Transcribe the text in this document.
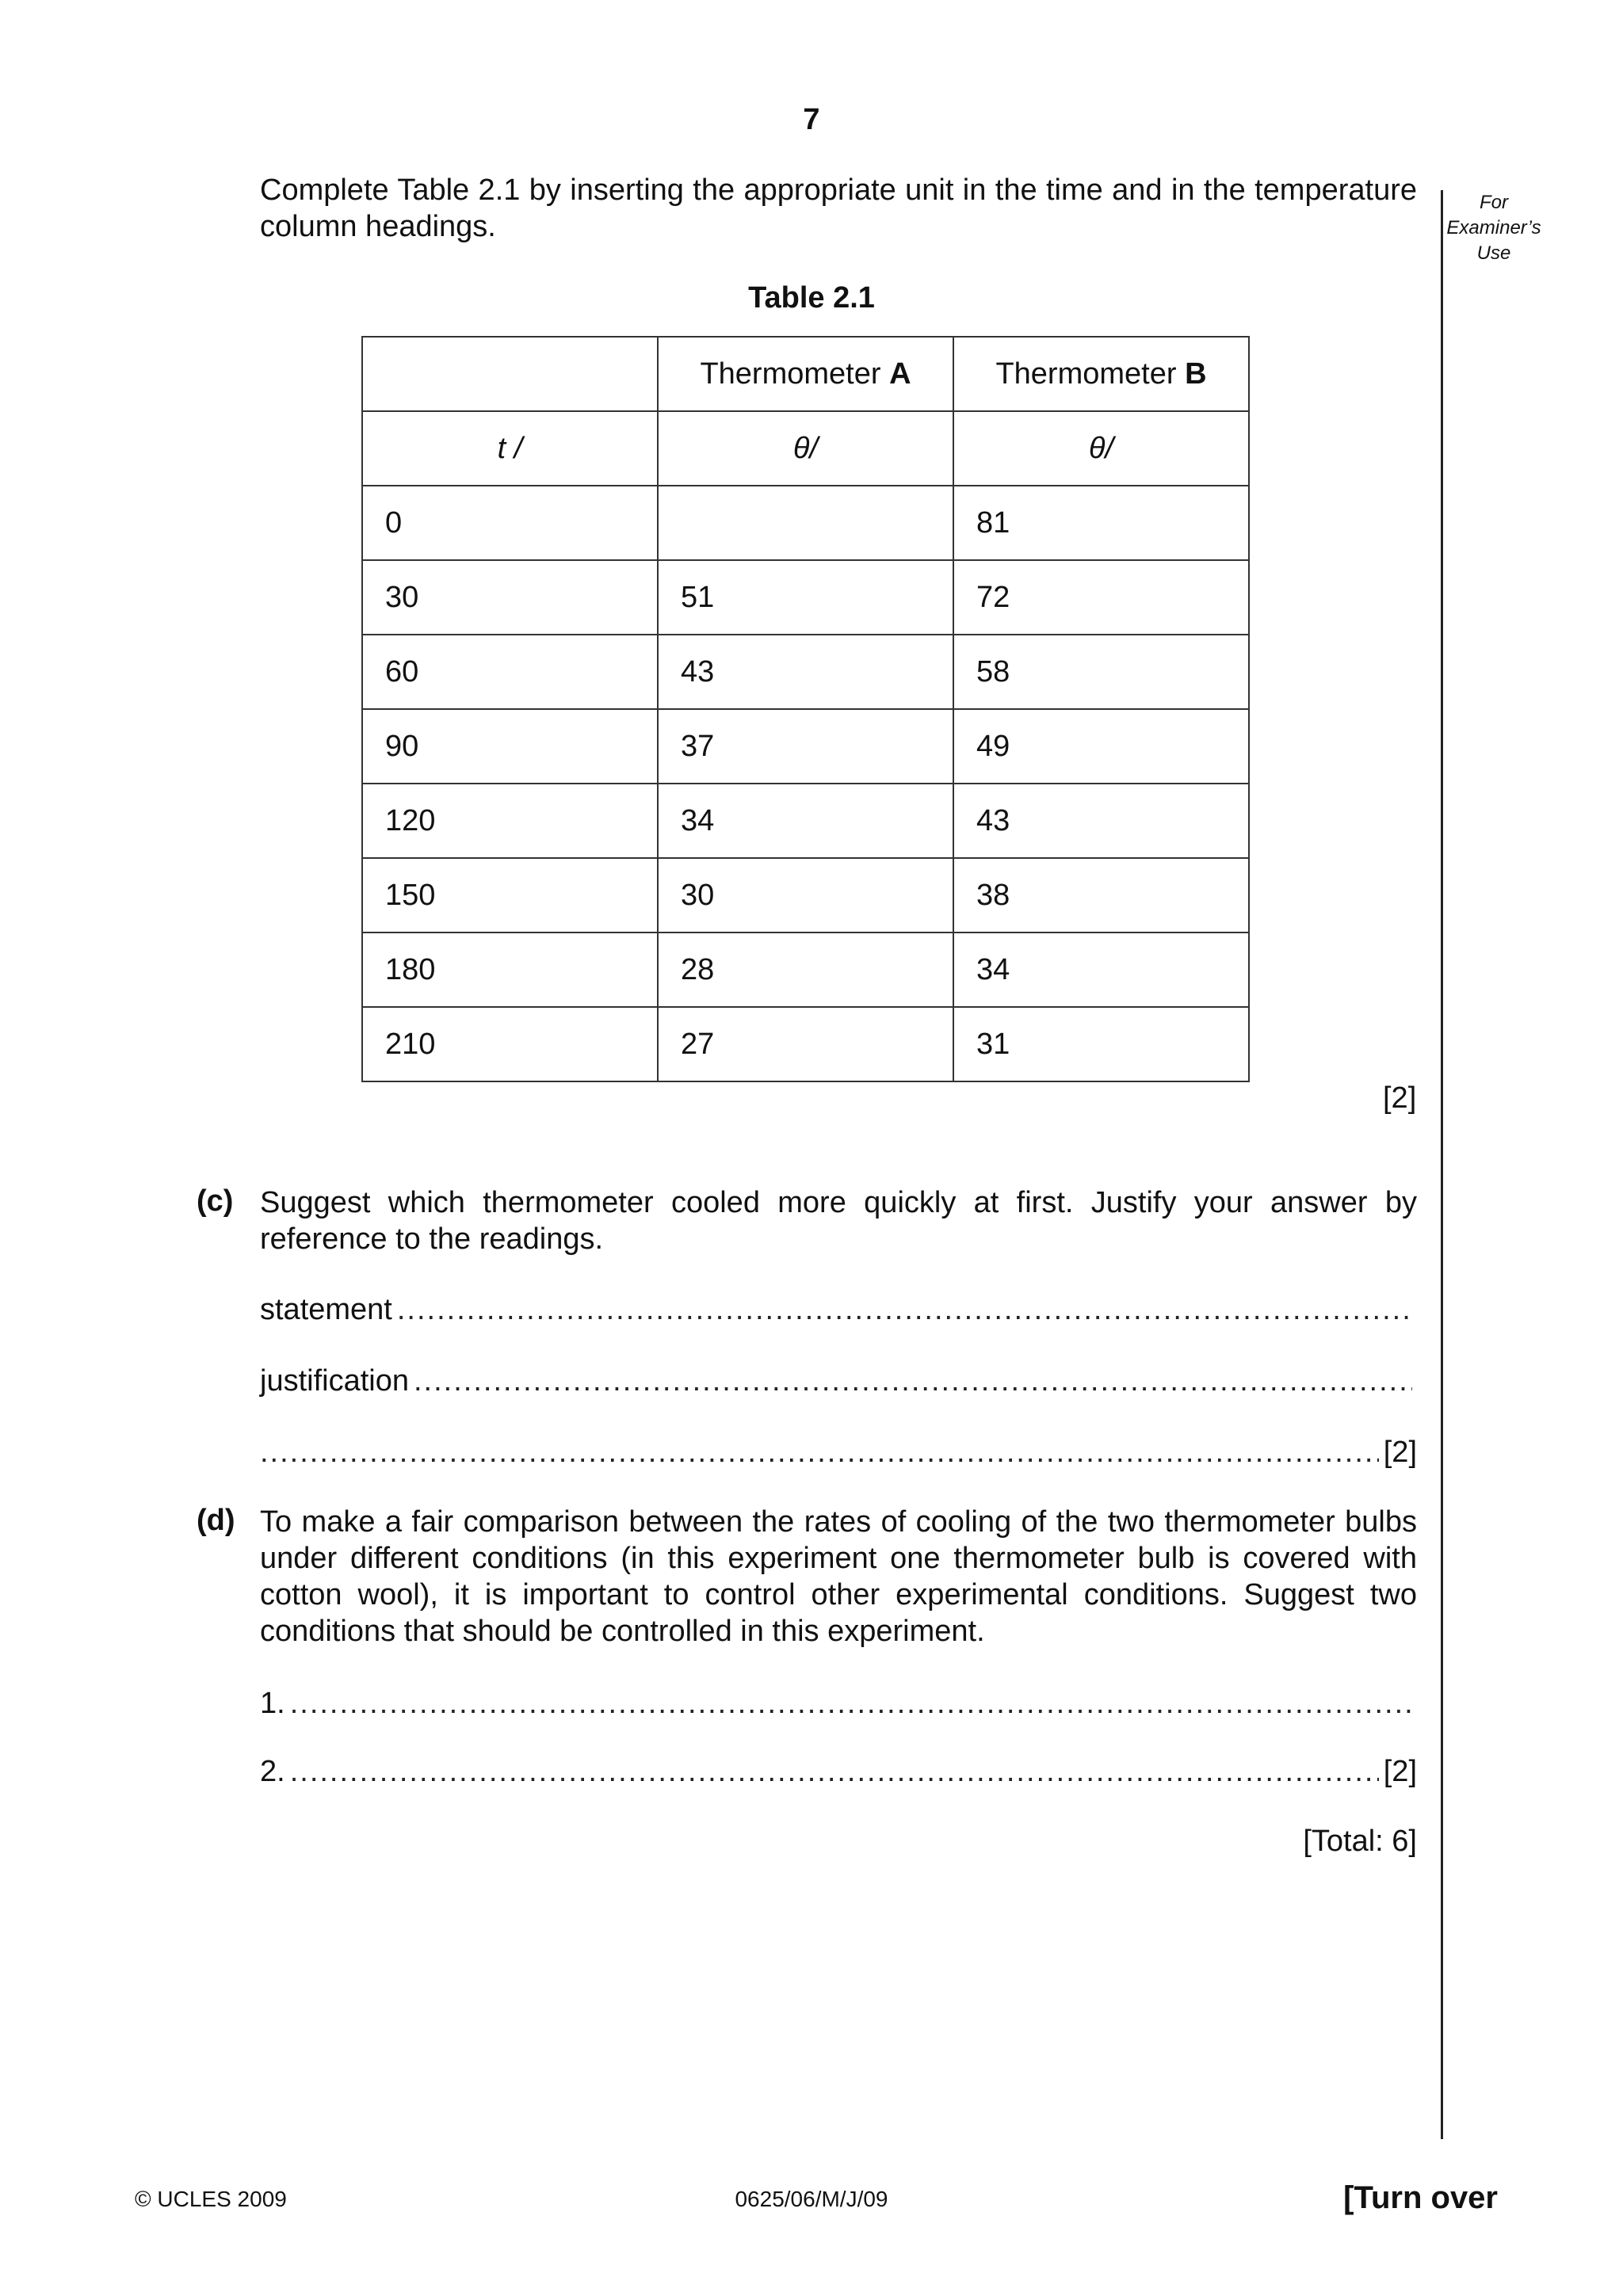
7
For
Examiner’s
Use
Complete Table 2.1 by inserting the appropriate unit in the time and in the temperature column headings.
Table 2.1
	Thermometer A	Thermometer B
t /	θ/	θ/
0		81
30	51	72
60	43	58
90	37	49
120	34	43
150	30	38
180	28	34
210	27	31
[2]
(c) Suggest which thermometer cooled more quickly at first. Justify your answer by reference to the readings.
statement
.....
justification
.....
.....
[2]
(d) To make a fair comparison between the rates of cooling of the two thermometer bulbs under different conditions (in this experiment one thermometer bulb is covered with cotton wool), it is important to control other experimental conditions. Suggest two conditions that should be controlled in this experiment.
1.
.....
2. .....	[2]
[Total: 6]
© UCLES 2009	0625/06/M/J/09	[Turn over
